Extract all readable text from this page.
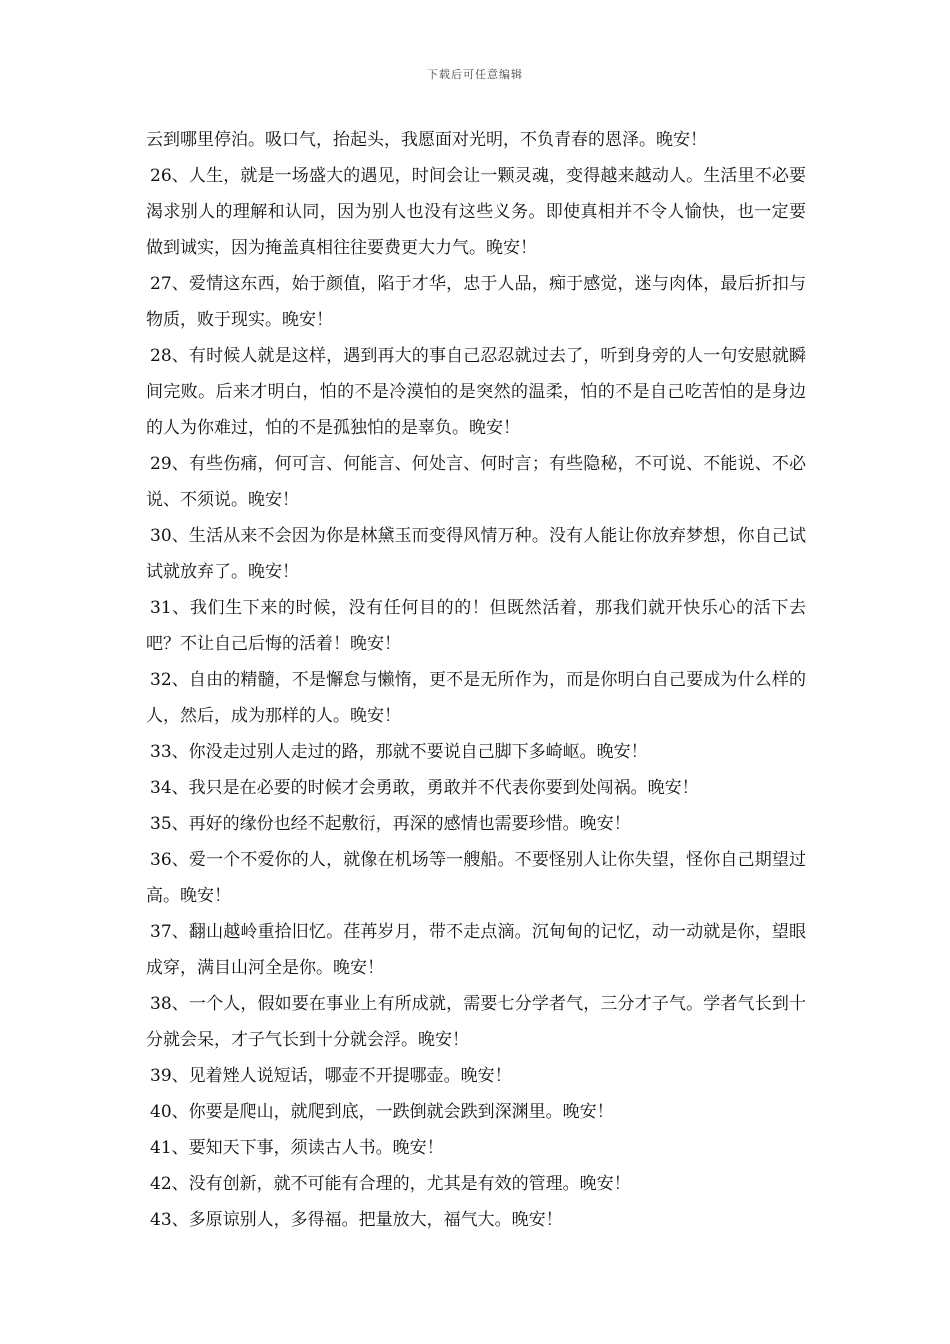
下载后可任意编辑

云到哪里停泊。吸口气，抬起头，我愿面对光明，不负青春的恩泽。晚安！

26、人生，就是一场盛大的遇见，时间会让一颗灵魂，变得越来越动人。生活里不必要渴求别人的理解和认同，因为别人也没有这些义务。即使真相并不令人愉快，也一定要做到诚实，因为掩盖真相往往要费更大力气。晚安！

27、爱情这东西，始于颜值，陷于才华，忠于人品，痴于感觉，迷与肉体，最后折扣与物质，败于现实。晚安！

28、有时候人就是这样，遇到再大的事自己忍忍就过去了，听到身旁的人一句安慰就瞬间完败。后来才明白，怕的不是冷漠怕的是突然的温柔，怕的不是自己吃苦怕的是身边的人为你难过，怕的不是孤独怕的是辜负。晚安！

29、有些伤痛，何可言、何能言、何处言、何时言；有些隐秘，不可说、不能说、不必说、不须说。晚安！

30、生活从来不会因为你是林黛玉而变得风情万种。没有人能让你放弃梦想，你自己试试就放弃了。晚安！

31、我们生下来的时候，没有任何目的的！但既然活着，那我们就开快乐心的活下去吧？不让自己后悔的活着！晚安！

32、自由的精髓，不是懈怠与懒惰，更不是无所作为，而是你明白自己要成为什么样的人，然后，成为那样的人。晚安！

33、你没走过别人走过的路，那就不要说自己脚下多崎岖。晚安！

34、我只是在必要的时候才会勇敢，勇敢并不代表你要到处闯祸。晚安！

35、再好的缘份也经不起敷衍，再深的感情也需要珍惜。晚安！

36、爱一个不爱你的人，就像在机场等一艘船。不要怪别人让你失望，怪你自己期望过高。晚安！

37、翻山越岭重拾旧忆。荏苒岁月，带不走点滴。沉甸甸的记忆，动一动就是你，望眼成穿，满目山河全是你。晚安！

38、一个人，假如要在事业上有所成就，需要七分学者气，三分才子气。学者气长到十分就会呆，才子气长到十分就会浮。晚安！

39、见着矬人说短话，哪壶不开提哪壶。晚安！

40、你要是爬山，就爬到底，一跌倒就会跌到深渊里。晚安！

41、要知天下事，须读古人书。晚安！

42、没有创新，就不可能有合理的，尤其是有效的管理。晚安！

43、多原谅别人，多得福。把量放大，福气大。晚安！
